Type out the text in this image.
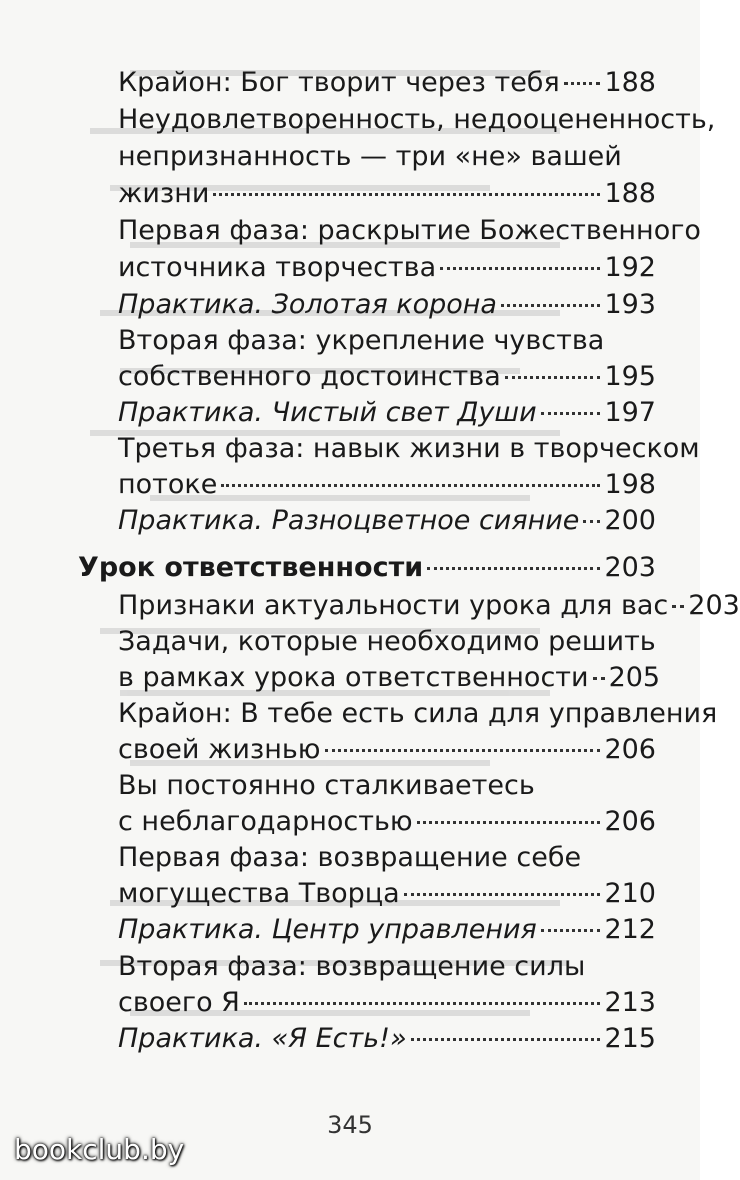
Крайон: Бог творит через тебя 188
Неудовлетворенность, недооцененность,
непризнанность — три «не» вашей
жизни	188
Первая фаза: раскрытие Божественного
источника творчества	192
Практика. Золотая корона	193
Вторая фаза: укрепление чувства
собственного достоинства	195
Практика. Чистый свет Души	197
Третья фаза: навык жизни в творческом
потоке	198
Практика. Разноцветное сияние 200
Урок ответственности	203
Признаки актуальности урока для вас 203
Задачи, которые необходимо решить
в рамках урока ответственности 205
Крайон: В тебе есть сила для управления
своей жизнью	206
Вы постоянно сталкиваетесь
с неблагодарностью	206
Первая фаза: возвращение себе
могущества Творца	210
Практика. Центр управления	212
Вторая фаза: возвращение силы
своего Я	213
Практика. «Я Есть!»	215
345
bookclub.by
